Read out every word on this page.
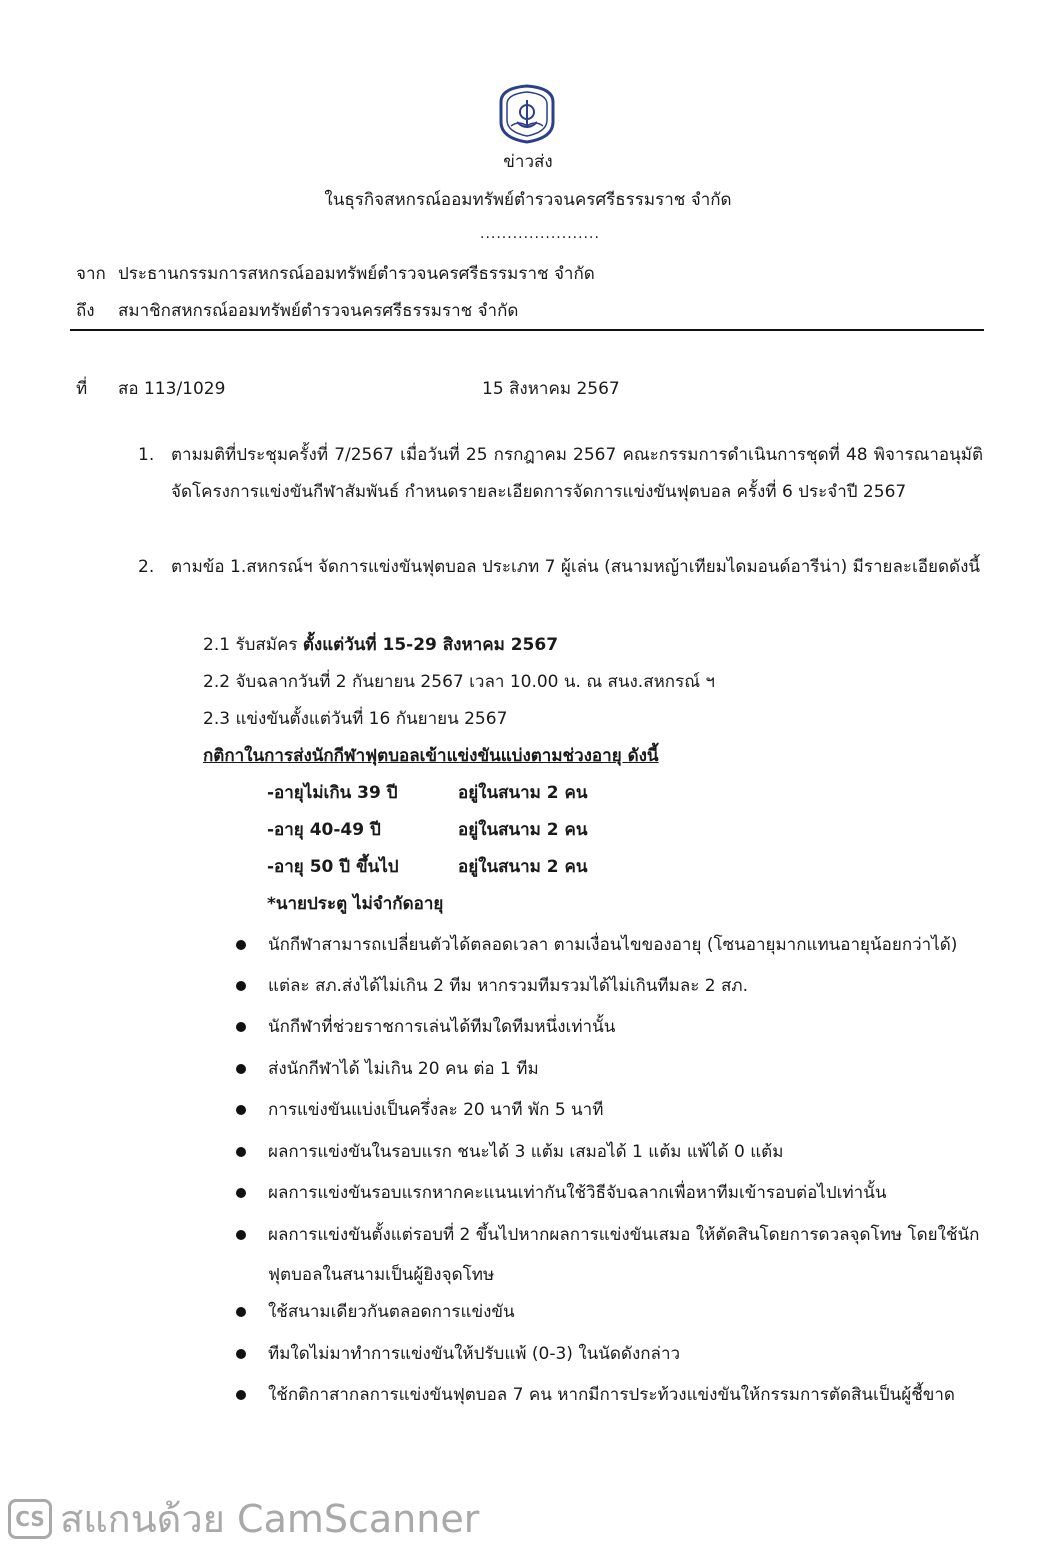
ข่าวส่ง
ในธุรกิจสหกรณ์ออมทรัพย์ตำรวจนครศรีธรรมราช จำกัด
......................
จาก ประธานกรรมการสหกรณ์ออมทรัพย์ตำรวจนครศรีธรรมราช จำกัด
ถึง สมาชิกสหกรณ์ออมทรัพย์ตำรวจนครศรีธรรมราช จำกัด
ที่ สอ 113/1029	15 สิงหาคม 2567
1. ตามมติที่ประชุมครั้งที่ 7/2567 เมื่อวันที่ 25 กรกฎาคม 2567 คณะกรรมการดำเนินการชุดที่ 48 พิจารณาอนุมัติจัดโครงการแข่งขันกีฬาสัมพันธ์ กำหนดรายละเอียดการจัดการแข่งขันฟุตบอล ครั้งที่ 6 ประจำปี 2567
2. ตามข้อ 1.สหกรณ์ฯ จัดการแข่งขันฟุตบอล ประเภท 7 ผู้เล่น (สนามหญ้าเทียมไดมอนด์อารีน่า) มีรายละเอียดดังนี้
2.1 รับสมัคร ตั้งแต่วันที่ 15-29 สิงหาคม 2567
2.2 จับฉลากวันที่ 2 กันยายน 2567 เวลา 10.00 น. ณ สนง.สหกรณ์ ฯ
2.3 แข่งขันตั้งแต่วันที่ 16 กันยายน 2567
กติกาในการส่งนักกีฬาฟุตบอลเข้าแข่งขันแบ่งตามช่วงอายุ ดังนี้
-อายุไม่เกิน 39 ปี	อยู่ในสนาม 2 คน
-อายุ 40-49 ปี	อยู่ในสนาม 2 คน
-อายุ 50 ปี ขึ้นไป	อยู่ในสนาม 2 คน
*นายประตู ไม่จำกัดอายุ
นักกีฬาสามารถเปลี่ยนตัวได้ตลอดเวลา ตามเงื่อนไขของอายุ (โซนอายุมากแทนอายุน้อยกว่าได้)
แต่ละ สภ.ส่งได้ไม่เกิน 2 ทีม หากรวมทีมรวมได้ไม่เกินทีมละ 2 สภ.
นักกีฬาที่ช่วยราชการเล่นได้ทีมใดทีมหนึ่งเท่านั้น
ส่งนักกีฬาได้ ไม่เกิน 20 คน ต่อ 1 ทีม
การแข่งขันแบ่งเป็นครึ่งละ 20 นาที พัก 5 นาที
ผลการแข่งขันในรอบแรก ชนะได้ 3 แต้ม เสมอได้ 1 แต้ม แพ้ได้ 0 แต้ม
ผลการแข่งขันรอบแรกหากคะแนนเท่ากันใช้วิธีจับฉลากเพื่อหาทีมเข้ารอบต่อไปเท่านั้น
ผลการแข่งขันตั้งแต่รอบที่ 2 ขึ้นไปหากผลการแข่งขันเสมอ ให้ตัดสินโดยการดวลจุดโทษ โดยใช้นักฟุตบอลในสนามเป็นผู้ยิงจุดโทษ
ใช้สนามเดียวกันตลอดการแข่งขัน
ทีมใดไม่มาทำการแข่งขันให้ปรับแพ้ (0-3) ในนัดดังกล่าว
ใช้กติกาสากลการแข่งขันฟุตบอล 7 คน หากมีการประท้วงแข่งขันให้กรรมการตัดสินเป็นผู้ชี้ขาด
CS สแกนด้วย CamScanner
